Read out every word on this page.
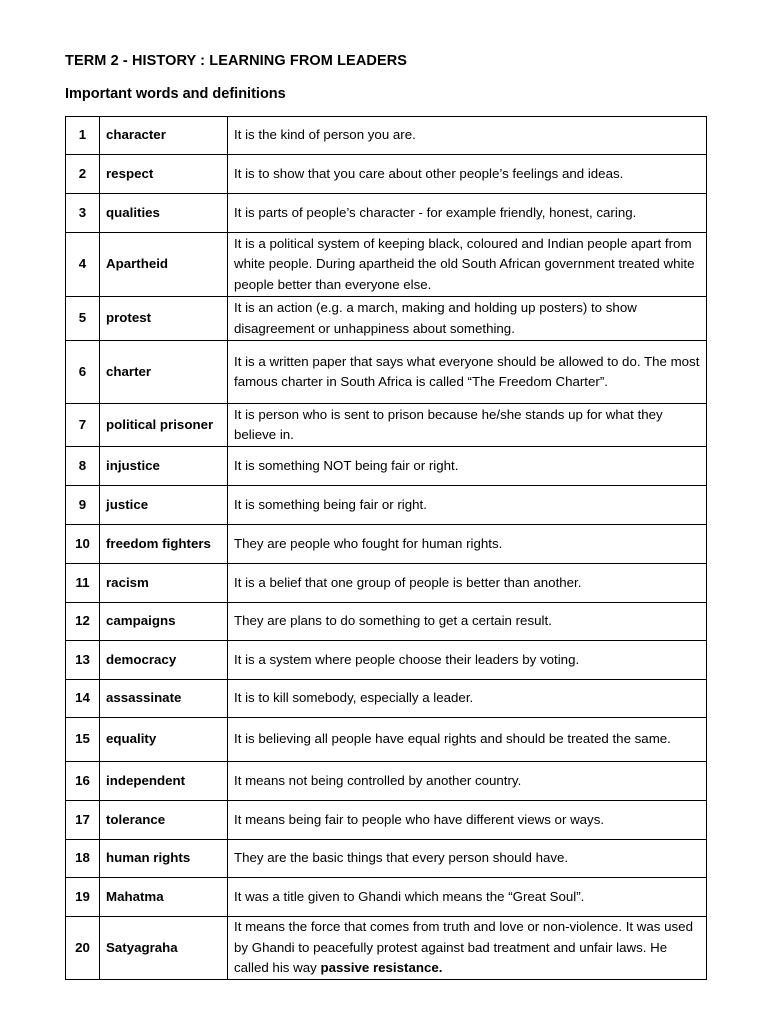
TERM 2 - HISTORY : LEARNING FROM LEADERS
Important words and definitions
1	character	It is the kind of person you are.
2	respect	It is to show that you care about other people’s feelings and ideas.
3	qualities	It is parts of people’s character - for example friendly, honest, caring.
4	Apartheid	It is a political system of keeping black, coloured and Indian people apart from white people. During apartheid the old South African government treated white people better than everyone else.
5	protest	It is an action (e.g. a march, making and holding up posters) to show disagreement or unhappiness about something.
6	charter	It is a written paper that says what everyone should be allowed to do. The most famous charter in South Africa is called “The Freedom Charter”.
7	political prisoner	It is person who is sent to prison because he/she stands up for what they believe in.
8	injustice	It is something NOT being fair or right.
9	justice	It is something being fair or right.
10	freedom fighters	They are people who fought for human rights.
11	racism	It is a belief that one group of people is better than another.
12	campaigns	They are plans to do something to get a certain result.
13	democracy	It is a system where people choose their leaders by voting.
14	assassinate	It is to kill somebody, especially a leader.
15	equality	It is believing all people have equal rights and should be treated the same.
16	independent	It means not being controlled by another country.
17	tolerance	It means being fair to people who have different views or ways.
18	human rights	They are the basic things that every person should have.
19	Mahatma	It was a title given to Ghandi which means the “Great Soul”.
20	Satyagraha	It means the force that comes from truth and love or non-violence. It was used by Ghandi to peacefully protest against bad treatment and unfair laws. He called his way passive resistance.
